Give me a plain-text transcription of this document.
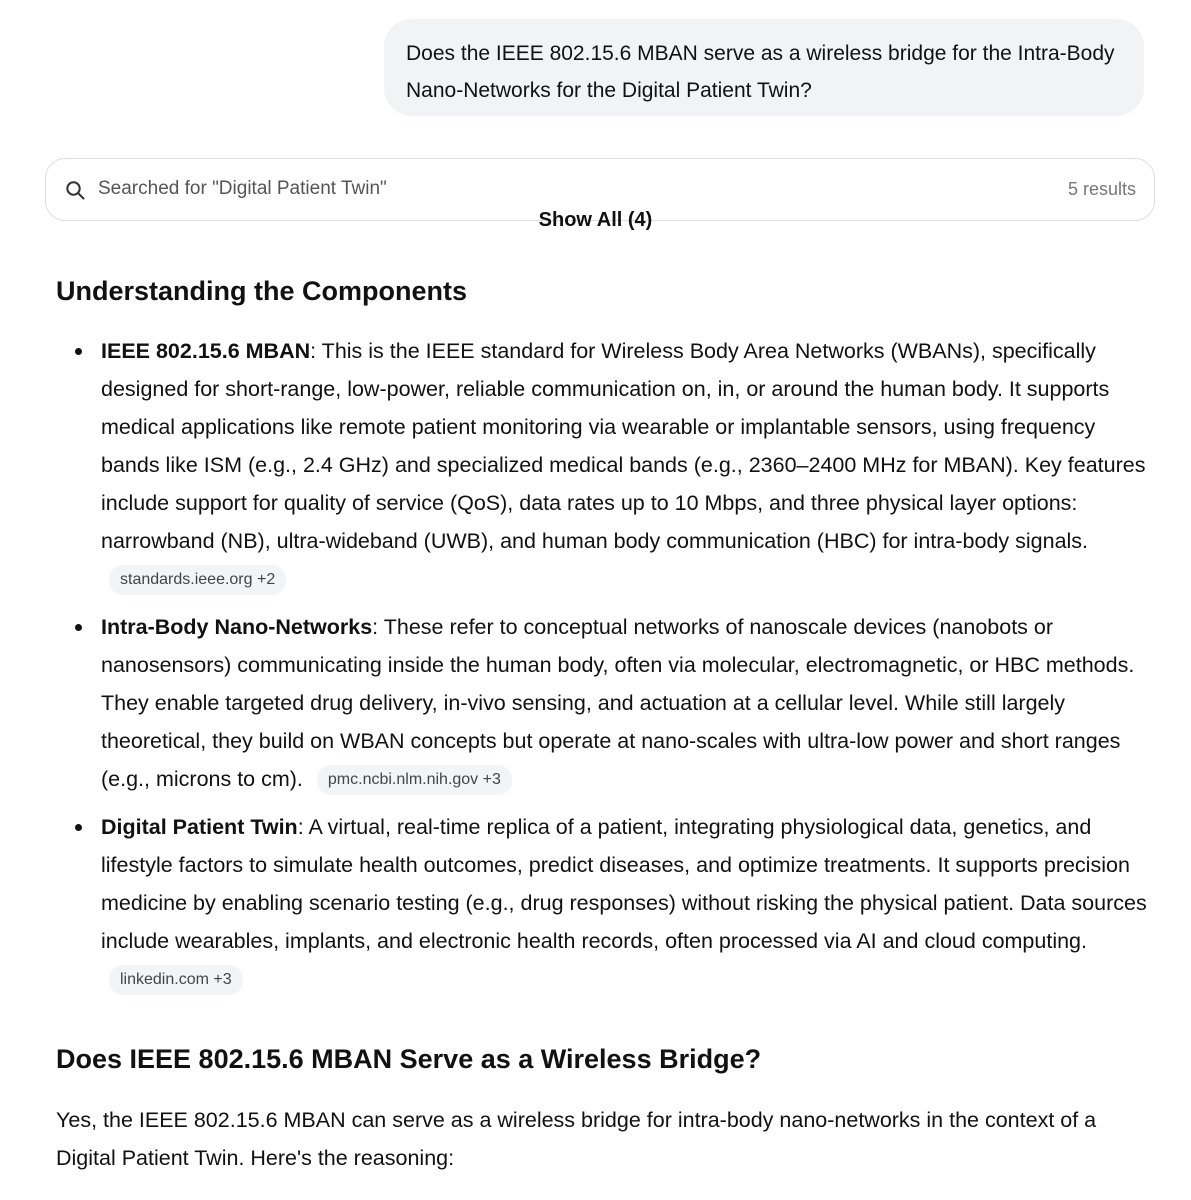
Does the IEEE 802.15.6 MBAN serve as a wireless bridge for the Intra-Body Nano-Networks for the Digital Patient Twin?
Searched for "Digital Patient Twin"	5 results
Show All (4)
Understanding the Components
IEEE 802.15.6 MBAN: This is the IEEE standard for Wireless Body Area Networks (WBANs), specifically designed for short-range, low-power, reliable communication on, in, or around the human body. It supports medical applications like remote patient monitoring via wearable or implantable sensors, using frequency bands like ISM (e.g., 2.4 GHz) and specialized medical bands (e.g., 2360–2400 MHz for MBAN). Key features include support for quality of service (QoS), data rates up to 10 Mbps, and three physical layer options: narrowband (NB), ultra-wideband (UWB), and human body communication (HBC) for intra-body signals. standards.ieee.org +2
Intra-Body Nano-Networks: These refer to conceptual networks of nanoscale devices (nanobots or nanosensors) communicating inside the human body, often via molecular, electromagnetic, or HBC methods. They enable targeted drug delivery, in-vivo sensing, and actuation at a cellular level. While still largely theoretical, they build on WBAN concepts but operate at nano-scales with ultra-low power and short ranges (e.g., microns to cm). pmc.ncbi.nlm.nih.gov +3
Digital Patient Twin: A virtual, real-time replica of a patient, integrating physiological data, genetics, and lifestyle factors to simulate health outcomes, predict diseases, and optimize treatments. It supports precision medicine by enabling scenario testing (e.g., drug responses) without risking the physical patient. Data sources include wearables, implants, and electronic health records, often processed via AI and cloud computing. linkedin.com +3
Does IEEE 802.15.6 MBAN Serve as a Wireless Bridge?

Yes, the IEEE 802.15.6 MBAN can serve as a wireless bridge for intra-body nano-networks in the context of a Digital Patient Twin. Here's the reasoning:
